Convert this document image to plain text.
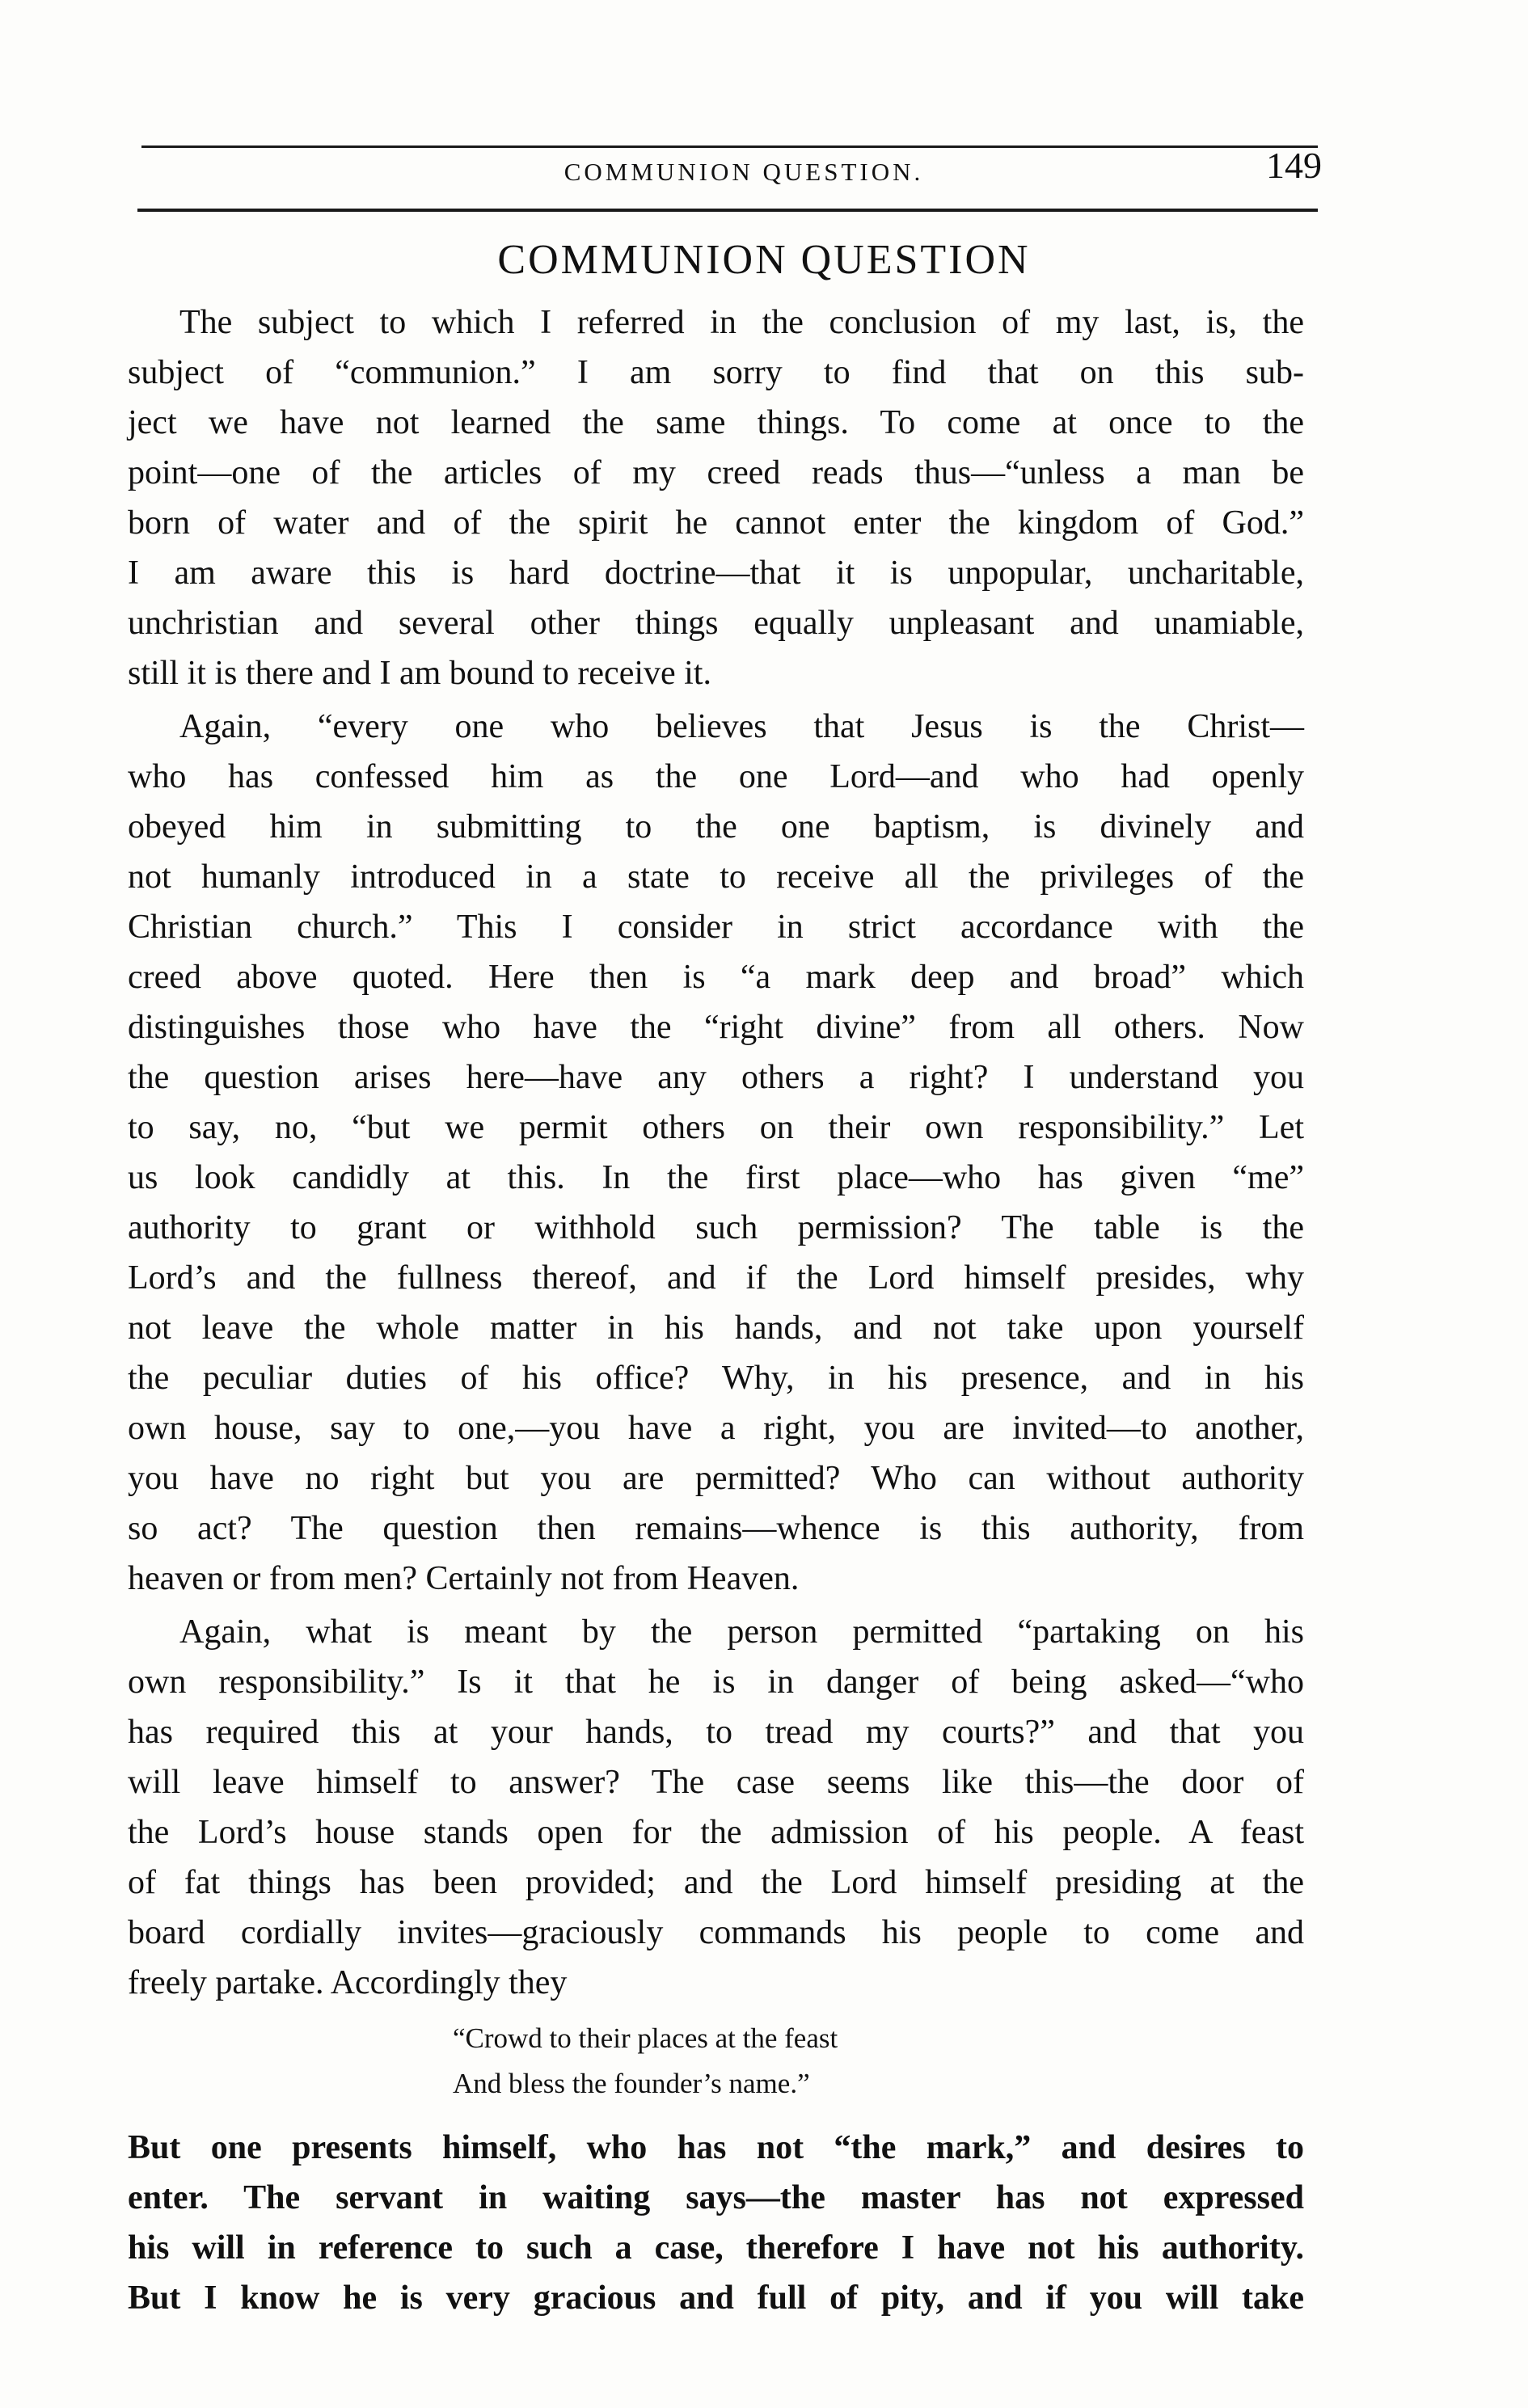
COMMUNION QUESTION.	149
COMMUNION QUESTION
The subject to which I referred in the conclusion of my last, is, the
subject of “communion.” I am sorry to find that on this sub-
ject we have not learned the same things. To come at once to the
point—one of the articles of my creed reads thus—“unless a man be
born of water and of the spirit he cannot enter the kingdom of God.”
I am aware this is hard doctrine—that it is unpopular, uncharitable,
unchristian and several other things equally unpleasant and unamiable,
still it is there and I am bound to receive it.
Again, “every one who believes that Jesus is the Christ—
who has confessed him as the one Lord—and who had openly
obeyed him in submitting to the one baptism, is divinely and
not humanly introduced in a state to receive all the privileges of the
Christian church.” This I consider in strict accordance with the
creed above quoted. Here then is “a mark deep and broad” which
distinguishes those who have the “right divine” from all others. Now
the question arises here—have any others a right? I understand you
to say, no, “but we permit others on their own responsibility.” Let
us look candidly at this. In the first place—who has given “me”
authority to grant or withhold such permission? The table is the
Lord’s and the fullness thereof, and if the Lord himself presides, why
not leave the whole matter in his hands, and not take upon yourself
the peculiar duties of his office? Why, in his presence, and in his
own house, say to one,—you have a right, you are invited—to another,
you have no right but you are permitted? Who can without authority
so act? The question then remains—whence is this authority, from
heaven or from men? Certainly not from Heaven.
Again, what is meant by the person permitted “partaking on his
own responsibility.” Is it that he is in danger of being asked—“who
has required this at your hands, to tread my courts?” and that you
will leave himself to answer? The case seems like this—the door of
the Lord’s house stands open for the admission of his people. A feast
of fat things has been provided; and the Lord himself presiding at the
board cordially invites—graciously commands his people to come and
freely partake. Accordingly they
“Crowd to their places at the feast
And bless the founder’s name.”
But one presents himself, who has not “the mark,” and desires to
enter. The servant in waiting says—the master has not expressed
his will in reference to such a case, therefore I have not his authority.
But I know he is very gracious and full of pity, and if you will take
